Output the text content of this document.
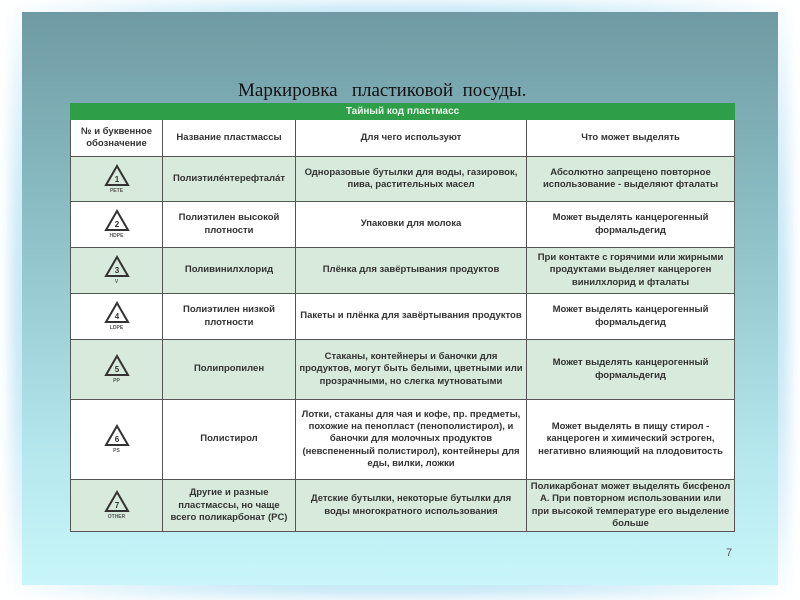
Маркировка   пластиковой  посуды.
Тайный код пластмасс			
№ и буквенное обозначение	Название пластмассы	Для чего используют	Что может выделять

1
PETE	Полиэтилéнтерефталáт	Одноразовые бутылки для воды, газировок, пива, растительных масел	Абсолютно запрещено повторное использование - выделяют фталаты

2
HDPE	Полиэтилен высокой плотности	Упаковки для молока	Может выделять канцерогенный формальдегид

3
V	Поливинилхлорид	Плёнка для завёртывания продуктов	При контакте с горячими или жирными продуктами выделяет канцероген винилхлорид и фталаты

4
LDPE	Полиэтилен низкой плотности	Пакеты и плёнка для завёртывания продуктов	Может выделять канцерогенный формальдегид

5
PP	Полипропилен	Стаканы, контейнеры и баночки для продуктов, могут быть белыми, цветными или прозрачными, но слегка мутноватыми	Может выделять канцерогенный формальдегид

6
PS	Полистирол	Лотки, стаканы для чая и кофе, пр. предметы, похожие на пенопласт (пенополистирол), и баночки для молочных продуктов (невспененный полистирол), контейнеры для еды, вилки, ложки	Может выделять в пищу стирол - канцероген и химический эстроген, негативно влияющий на плодовитость

7
OTHER	Другие и разные пластмассы, но чаще всего поликарбонат (PC)	Детские бутылки, некоторые бутылки для воды многократного использования	Поликарбонат может выделять бисфенол А. При повторном использовании или при высокой температуре его выделение больше
7
